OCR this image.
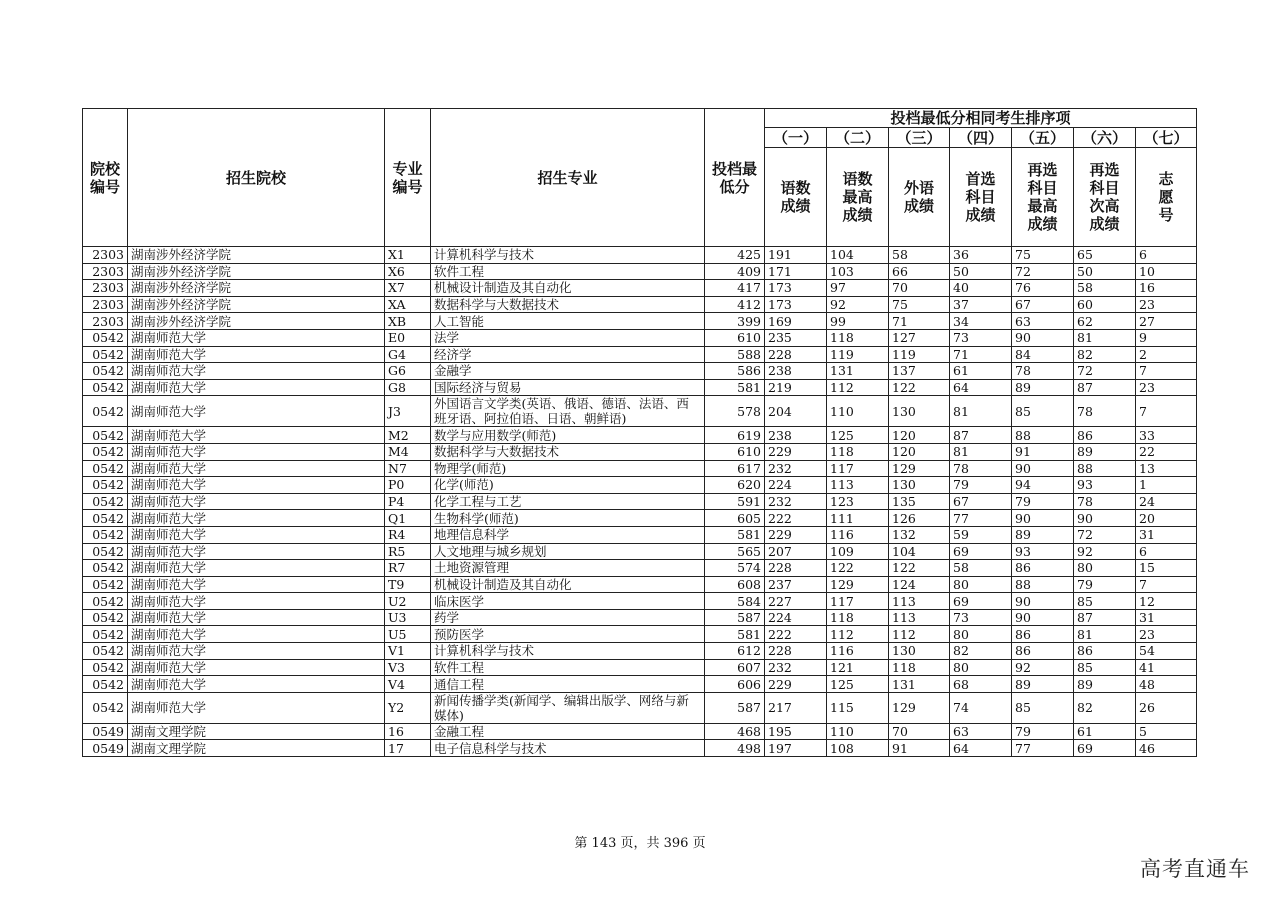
院校编号	招生院校	专业编号	招生专业	投档最低分	投档最低分相同考生排序项						
					（一）	（二）	（三）	（四）	（五）	（六）	（七）

					语数成绩	语数最高成绩	外语成绩	首选科目成绩	再选科目最高成绩	再选科目次高成绩	志愿号

2303	湖南涉外经济学院	X1	计算机科学与技术	425	191	104	58	36	75	65	6
2303	湖南涉外经济学院	X6	软件工程	409	171	103	66	50	72	50	10
2303	湖南涉外经济学院	X7	机械设计制造及其自动化	417	173	97	70	40	76	58	16
2303	湖南涉外经济学院	XA	数据科学与大数据技术	412	173	92	75	37	67	60	23
2303	湖南涉外经济学院	XB	人工智能	399	169	99	71	34	63	62	27
0542	湖南师范大学	E0	法学	610	235	118	127	73	90	81	9
0542	湖南师范大学	G4	经济学	588	228	119	119	71	84	82	2
0542	湖南师范大学	G6	金融学	586	238	131	137	61	78	72	7
0542	湖南师范大学	G8	国际经济与贸易	581	219	112	122	64	89	87	23
0542	湖南师范大学	J3	外国语言文学类(英语、俄语、德语、法语、西班牙语、阿拉伯语、日语、朝鲜语)	578	204	110	130	81	85	78	7
0542	湖南师范大学	M2	数学与应用数学(师范)	619	238	125	120	87	88	86	33
0542	湖南师范大学	M4	数据科学与大数据技术	610	229	118	120	81	91	89	22
0542	湖南师范大学	N7	物理学(师范)	617	232	117	129	78	90	88	13
0542	湖南师范大学	P0	化学(师范)	620	224	113	130	79	94	93	1
0542	湖南师范大学	P4	化学工程与工艺	591	232	123	135	67	79	78	24
0542	湖南师范大学	Q1	生物科学(师范)	605	222	111	126	77	90	90	20
0542	湖南师范大学	R4	地理信息科学	581	229	116	132	59	89	72	31
0542	湖南师范大学	R5	人文地理与城乡规划	565	207	109	104	69	93	92	6
0542	湖南师范大学	R7	土地资源管理	574	228	122	122	58	86	80	15
0542	湖南师范大学	T9	机械设计制造及其自动化	608	237	129	124	80	88	79	7
0542	湖南师范大学	U2	临床医学	584	227	117	113	69	90	85	12
0542	湖南师范大学	U3	药学	587	224	118	113	73	90	87	31
0542	湖南师范大学	U5	预防医学	581	222	112	112	80	86	81	23
0542	湖南师范大学	V1	计算机科学与技术	612	228	116	130	82	86	86	54
0542	湖南师范大学	V3	软件工程	607	232	121	118	80	92	85	41
0542	湖南师范大学	V4	通信工程	606	229	125	131	68	89	89	48
0542	湖南师范大学	Y2	新闻传播学类(新闻学、编辑出版学、网络与新媒体)	587	217	115	129	74	85	82	26
0549	湖南文理学院	16	金融工程	468	195	110	70	63	79	61	5
0549	湖南文理学院	17	电子信息科学与技术	498	197	108	91	64	77	69	46
第 143 页，共 396 页
高考直通车
